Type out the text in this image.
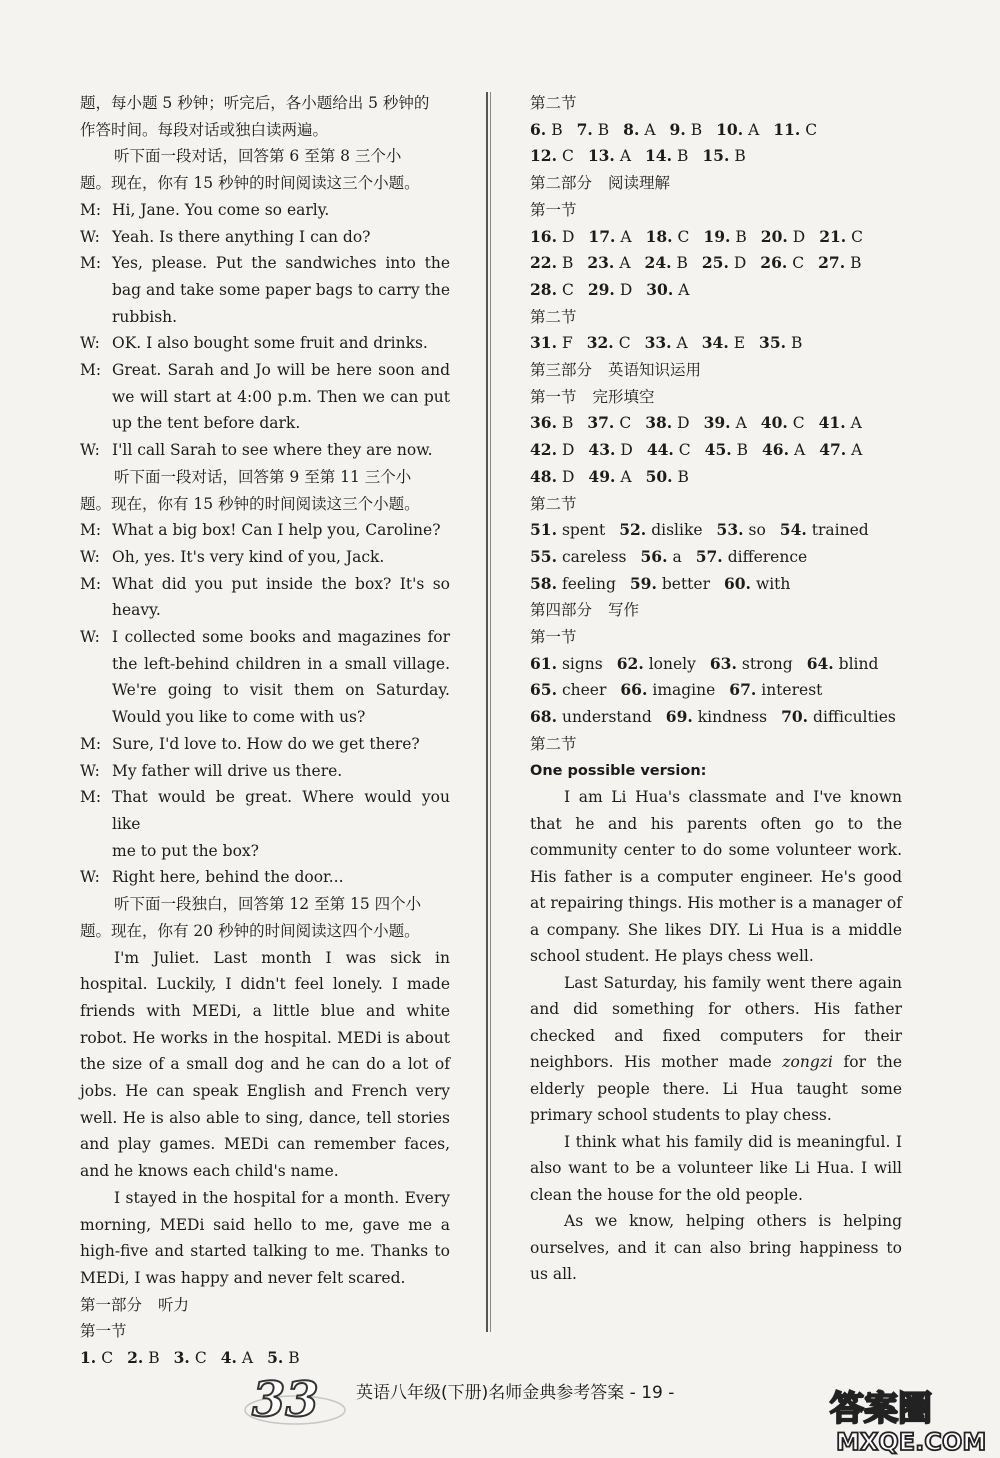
题，每小题 5 秒钟；听完后，各小题给出 5 秒钟的
作答时间。每段对话或独白读两遍。
听下面一段对话，回答第 6 至第 8 三个小
题。现在，你有 15 秒钟的时间阅读这三个小题。
M: Hi, Jane. You come so early.
W: Yeah. Is there anything I can do?
M: Yes, please. Put the sandwiches into the
bag and take some paper bags to carry the
rubbish.
W: OK. I also bought some fruit and drinks.
M: Great. Sarah and Jo will be here soon and
we will start at 4:00 p.m. Then we can put
up the tent before dark.
W: I'll call Sarah to see where they are now.
听下面一段对话，回答第 9 至第 11 三个小
题。现在，你有 15 秒钟的时间阅读这三个小题。
M: What a big box! Can I help you, Caroline?
W: Oh, yes. It's very kind of you, Jack.
M: What did you put inside the box? It's so
heavy.
W: I collected some books and magazines for
the left-behind children in a small village.
We're going to visit them on Saturday.
Would you like to come with us?
M: Sure, I'd love to. How do we get there?
W: My father will drive us there.
M: That would be great. Where would you like
me to put the box?
W: Right here, behind the door...
听下面一段独白，回答第 12 至第 15 四个小
题。现在，你有 20 秒钟的时间阅读这四个小题。
I'm Juliet. Last month I was sick in
hospital. Luckily, I didn't feel lonely. I made
friends with MEDi, a little blue and white
robot. He works in the hospital. MEDi is about
the size of a small dog and he can do a lot of
jobs. He can speak English and French very
well. He is also able to sing, dance, tell stories
and play games. MEDi can remember faces,
and he knows each child's name.
I stayed in the hospital for a month. Every
morning, MEDi said hello to me, gave me a
high-five and started talking to me. Thanks to
MEDi, I was happy and never felt scared.
第一部分 听力
第一节
1. C 2. B 3. C 4. A 5. B
第二节
6. B 7. B 8. A 9. B 10. A 11. C
12. C 13. A 14. B 15. B
第二部分 阅读理解
第一节
16. D 17. A 18. C 19. B 20. D 21. C
22. B 23. A 24. B 25. D 26. C 27. B
28. C 29. D 30. A
第二节
31. F 32. C 33. A 34. E 35. B
第三部分 英语知识运用
第一节 完形填空
36. B 37. C 38. D 39. A 40. C 41. A
42. D 43. D 44. C 45. B 46. A 47. A
48. D 49. A 50. B
第二节
51. spent 52. dislike 53. so 54. trained
55. careless 56. a 57. difference
58. feeling 59. better 60. with
第四部分 写作
第一节
61. signs 62. lonely 63. strong 64. blind
65. cheer 66. imagine 67. interest
68. understand 69. kindness 70. difficulties
第二节
One possible version:

I am Li Hua's classmate and I've known that he and his parents often go to the community center to do some volunteer work. His father is a computer engineer. He's good at repairing things. His mother is a manager of a company. She likes DIY. Li Hua is a middle school student. He plays chess well.

Last Saturday, his family went there again and did something for others. His father checked and fixed computers for their neighbors. His mother made zongzi for the elderly people there. Li Hua taught some primary school students to play chess.

I think what his family did is meaningful. I also want to be a volunteer like Li Hua. I will clean the house for the old people.

As we know, helping others is helping ourselves, and it can also bring happiness to us all.

33 英语八年级(下册)名师金典参考答案 - 19 -	答案圈
MXQE.COM
